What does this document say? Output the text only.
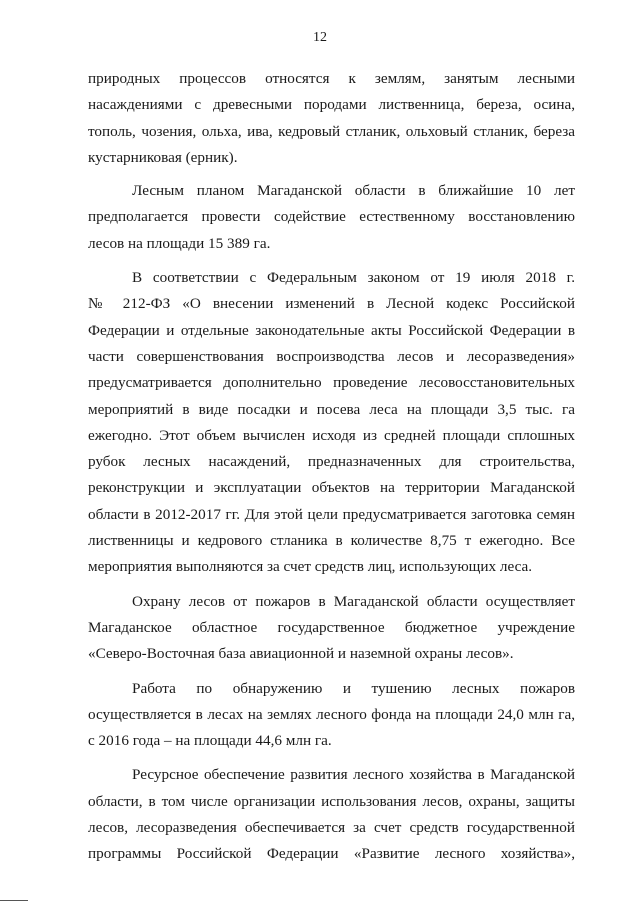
12
природных процессов относятся к землям, занятым лесными
насаждениями с древесными породами лиственница, береза, осина,
тополь, чозения, ольха, ива, кедровый стланик, ольховый стланик, береза
кустарниковая (ерник).
Лесным планом Магаданской области в ближайшие 10 лет
предполагается провести содействие естественному восстановлению
лесов на площади 15 389 га.
В соответствии с Федеральным законом от 19 июля 2018 г.
№ 212-ФЗ «О внесении изменений в Лесной кодекс Российской
Федерации и отдельные законодательные акты Российской Федерации в
части совершенствования воспроизводства лесов и лесоразведения»
предусматривается дополнительно проведение лесовосстановительных
мероприятий в виде посадки и посева леса на площади 3,5 тыс. га
ежегодно. Этот объем вычислен исходя из средней площади сплошных
рубок лесных насаждений, предназначенных для строительства,
реконструкции и эксплуатации объектов на территории Магаданской
области в 2012-2017 гг. Для этой цели предусматривается заготовка семян
лиственницы и кедрового стланика в количестве 8,75 т ежегодно. Все
мероприятия выполняются за счет средств лиц, использующих леса.
Охрану лесов от пожаров в Магаданской области осуществляет
Магаданское областное государственное бюджетное учреждение
«Северо-Восточная база авиационной и наземной охраны лесов».
Работа по обнаружению и тушению лесных пожаров
осуществляется в лесах на землях лесного фонда на площади 24,0 млн га,
с 2016 года – на площади 44,6 млн га.
Ресурсное обеспечение развития лесного хозяйства в Магаданской
области, в том числе организации использования лесов, охраны, защиты
лесов, лесоразведения обеспечивается за счет средств государственной
программы Российской Федерации «Развитие лесного хозяйства»,
